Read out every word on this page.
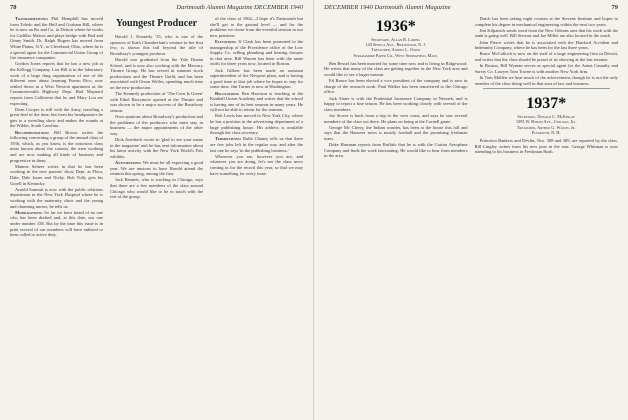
78	Dartmouth Alumni Magazine DECEMBER 1940

Transformations: Phil Hemphill has moved from Toledo and the Hull and Gorham Hill, where he is now an Rx and Co. in Detroit where he works for Cadillac Motors and plays bridge with Bud and Ginny Smith. Dr. Ralph Rogers has moved from White Plains, N.Y., to Cleveland, Ohio, where he is a special agent for the Commercial Union Group of fire insurance companies.

Gordon Jones reports that he has a new job at the Kellogg Company. Lou Hill is in the laboratory work of a large drug organization of one of the different ones about learning Puerto Rico, now settled down in a West Newton apartment as the Commonwealth Highway Dept. Bud Maynard reports from California that he and Mary Lou are expecting.

Dean Cooper is still with the Army, traveling a great deal of the time, but from his headquarters he gets to a wrestling show and makes the rounds at the Wilder, South Carolina.

Recommendations: Bill Brown writes the following concerning a group of the annual class of 1936, which, as you know, is the notorious class most known about the country the men working and are now making all kinds of business and progressive in them.

Mannie Seltzer writes in that he has been working in the new parents' show Dept. at Flora, Dale, Dale Jones and Nicky. Bob Tully gets his Gorell in Kentucky.

Arnold Summit is now with the public relations department in the New York Hospital where he is working with the maternity clinic and the young and charming nurses, he tells us.

Mobilizations: So far we have heard of no one who has been drafted and, at this date, nor one under number 158. But by the time this issue is in print several of our members will have enlisted or been called to active duty.

Youngest Producer

Harold J. Kennedy '35, who is one of the sponsors of Kath Chamberlain's venture in her first few, is shown this fall beyond the title of Broadway's youngest producer.

Harold was graduated from the Yale Drama School, and is now also working with the Mercury Theatre Group. He has served in summer stock productions and the Theatre Guild, and has been associated with Orson Welles, spending much time on the new production.

The Kennedy production of 'The Corn Is Green' with Ethel Barrymore opened at the Theatre and was shown to be a major success of the Broadway season.

Own opinions about Broadway's production and the problems of the producers who must stay in business — the major appointments of the other way.

Dick Auerbach wrote to 'glad to see your name in the magazine' and he has sent information about his latest activity with the New York World's Fair exhibits.

Anticipations: We must be all expecting a good year. We are anxious to have Harold attend the reunion this spring, among the first.

Jack Bennett, who is working in Chicago, says that there are a few members of the class around Chicago who would like to be in touch with the rest of the group.

of the class of 1962—I hope it's Dartmouth but she'll get to the ground level — and for the problems we chose from the eventful session in our new pensions.

Elevations: If Clark has been promoted to the managership of the Providence office of the Low Supply Co. selling plumbing and heating fixtures in that area. Bill Warren has been with the same outfit for three years now, located in Boston.

Jack Gilbert has been made an assistant superintendent of the Newport plant, and is having a good time at that job where he hopes to stay for some time. Jim Turner is now in Washington.

Relocations: Ben Harrison is teaching at the Kimball Union Academy and writes that the school is having one of its best seasons in many years. He will not be able to return for the reunion.

Bob Lewis has moved to New York City, where he has a position in the advertising department of a large publishing house. His address is available through the class secretary.

Terminations: Robb Chaney tells us that there are few jobs left in the regular way and after the last one he says 'in the publishing business.'

Wherever you are, however you are, and whatever you are doing, let's see the class news coming in for the record this year, so that we may have something for every issue.

DECEMBER 1940 Dartmouth Alumni Magazine	79
1936*
Secretary, Allan R. Loring
143 Seneca Ave., Ridgewood, N. J.
Treasurer, Albert L. Ossen
Stradamore Paper Co., West Springfield, Mass.

Ben Bessel has been married for some time now and is living in Ridgewood. He writes that many of the class are getting together in the New York area and would like to see a larger turnout.

Ed Rance has been elected a vice president of the company and is now in charge of the research work. Paul Walker has been transferred to the Chicago office.

Jack Slater is with the Prudential Insurance Company in Newark, and is happy to report a fine season. He has been working closely with several of the class members.

Joe Stover is back from a trip to the west coast, and says he saw several members of the class out there. He plans on being at the Cornell game.

George Mc Cleery, the Indian wonder, has been at the house this fall and says that the Hanover news is mostly football and the promising freshman team.

Duke Hartman reports from Buffalo that he is with the Curtiss Aeroplane Company and finds the work fascinating. He would like to hear from members in the area.

Dutch has been taking night courses at the Stevens Institute and hopes to complete his degree in mechanical engineering within the next two years.

Jim Kilpatrick sends word from the New Orleans area that his work with the bank is going well. Bill Stewart and Joe Miller are also located in the south.

John Pierce writes that he is associated with the Hartford Accident and Indemnity Company, where he has been for the last three years.

Bruce McCulloch is now on the staff of a large engineering firm in Detroit, and writes that the class should be proud of its showing at the last reunion.

In Boston, Bill Wyman serves as special agent for the Aetna Casualty and Surety Co. Lawyer Tom Towne is with another New York firm.

In Tom Mullen we hear much of the achievement, though he is not the only member of the class doing well in that area of law and business.

1937*
Secretary, Donald C. McKinlay
1093 W. Byron Ave., Chicago, Ill.
Treasurer, Arthur G. Wason, Jr.
Plymouth, N. H.

Princeton Bankers and Devlin, Nos. 388 and 389, are reported by the class. Bill Lingley writes from his new post in the east. George Whitman is now attending to his business in Freshman Rush.
